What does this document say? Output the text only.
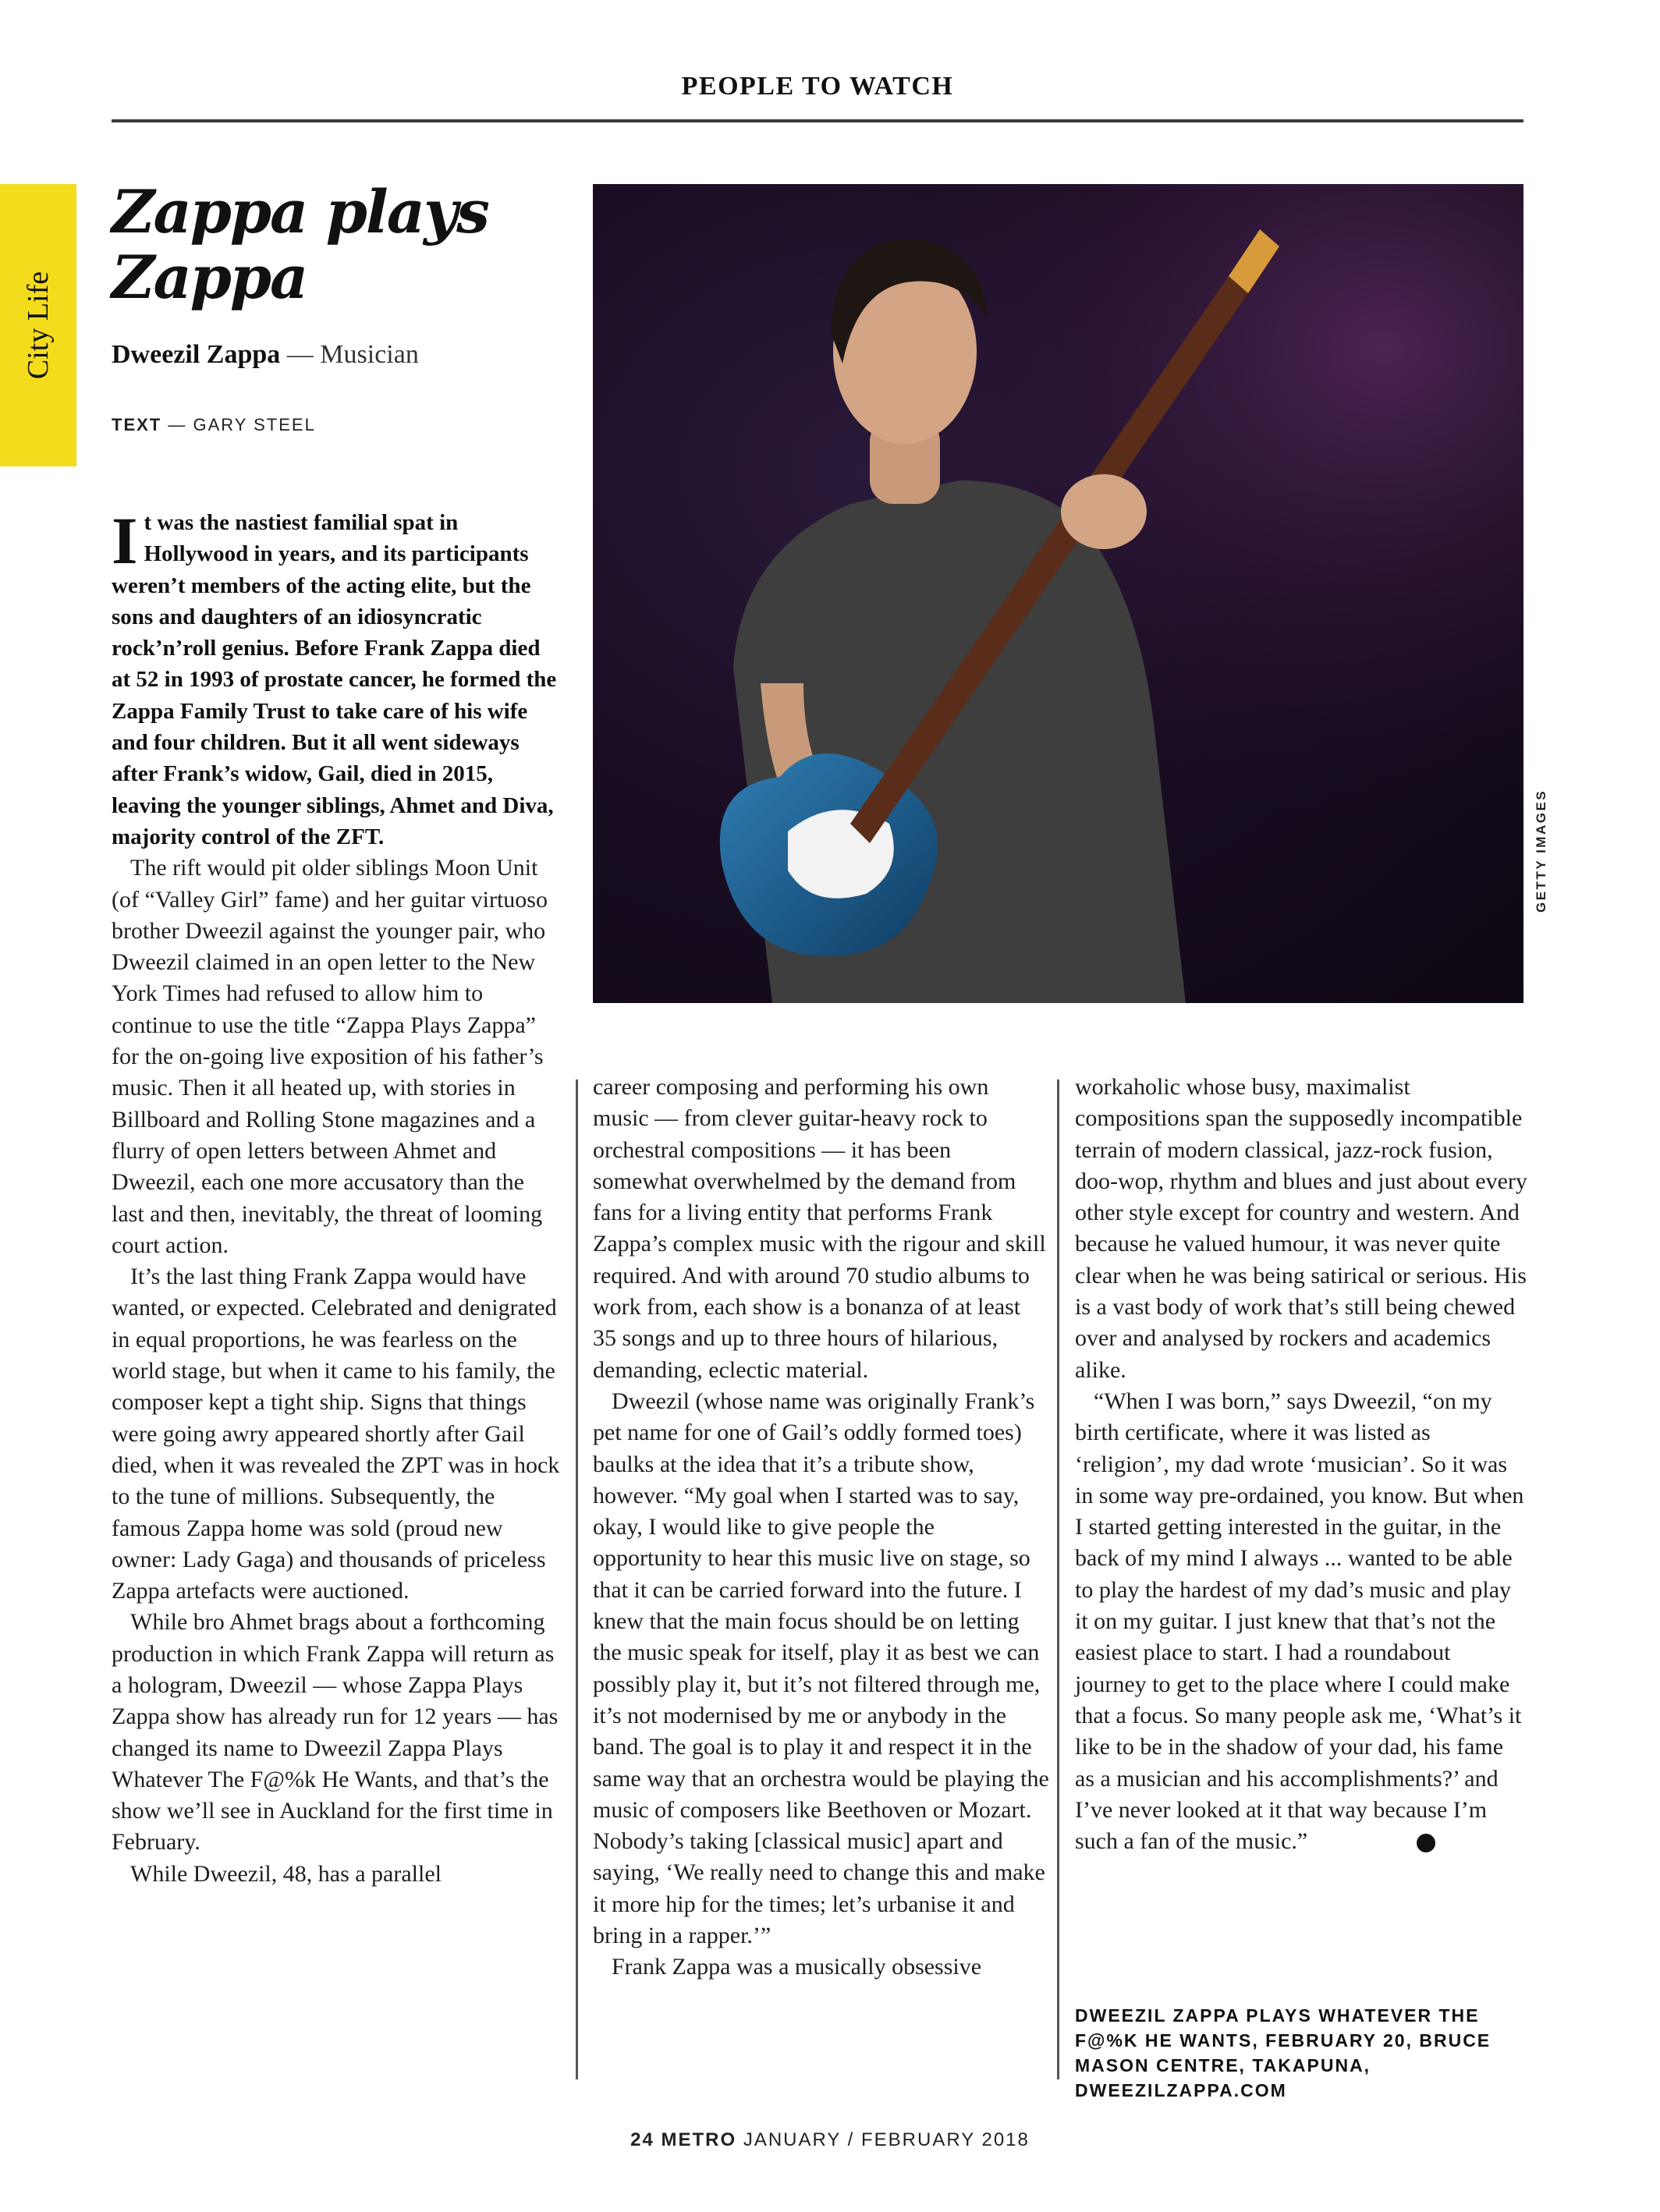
PEOPLE TO WATCH
City Life
Zappa plays Zappa
Dweezil Zappa — Musician
TEXT — GARY STEEL
GETTY IMAGES

It was the nastiest familial spat in Hollywood in years, and its participants weren’t members of the acting elite, but the sons and daughters of an idiosyncratic rock’n’roll genius. Before Frank Zappa died at 52 in 1993 of prostate cancer, he formed the Zappa Family Trust to take care of his wife and four children. But it all went sideways after Frank’s widow, Gail, died in 2015, leaving the younger siblings, Ahmet and Diva, majority control of the ZFT.

The rift would pit older siblings Moon Unit (of “Valley Girl” fame) and her guitar virtuoso brother Dweezil against the younger pair, who Dweezil claimed in an open letter to the New York Times had refused to allow him to continue to use the title “Zappa Plays Zappa” for the on-going live exposition of his father’s music. Then it all heated up, with stories in Billboard and Rolling Stone magazines and a flurry of open letters between Ahmet and Dweezil, each one more accusatory than the last and then, inevitably, the threat of looming court action.

It’s the last thing Frank Zappa would have wanted, or expected. Celebrated and denigrated in equal proportions, he was fearless on the world stage, but when it came to his family, the composer kept a tight ship. Signs that things were going awry appeared shortly after Gail died, when it was revealed the ZPT was in hock to the tune of millions. Subsequently, the famous Zappa home was sold (proud new owner: Lady Gaga) and thousands of priceless Zappa artefacts were auctioned.

While bro Ahmet brags about a forthcoming production in which Frank Zappa will return as a hologram, Dweezil — whose Zappa Plays Zappa show has already run for 12 years — has changed its name to Dweezil Zappa Plays Whatever The F@%k He Wants, and that’s the show we’ll see in Auckland for the first time in February.

While Dweezil, 48, has a parallel

career composing and performing his own music — from clever guitar-heavy rock to orchestral compositions — it has been somewhat overwhelmed by the demand from fans for a living entity that performs Frank Zappa’s complex music with the rigour and skill required. And with around 70 studio albums to work from, each show is a bonanza of at least 35 songs and up to three hours of hilarious, demanding, eclectic material.

Dweezil (whose name was originally Frank’s pet name for one of Gail’s oddly formed toes) baulks at the idea that it’s a tribute show, however. “My goal when I started was to say, okay, I would like to give people the opportunity to hear this music live on stage, so that it can be carried forward into the future. I knew that the main focus should be on letting the music speak for itself, play it as best we can possibly play it, but it’s not filtered through me, it’s not modernised by me or anybody in the band. The goal is to play it and respect it in the same way that an orchestra would be playing the music of composers like Beethoven or Mozart. Nobody’s taking [classical music] apart and saying, ‘We really need to change this and make it more hip for the times; let’s urbanise it and bring in a rapper.’”

Frank Zappa was a musically obsessive

workaholic whose busy, maximalist compositions span the supposedly incompatible terrain of modern classical, jazz-rock fusion, doo-wop, rhythm and blues and just about every other style except for country and western. And because he valued humour, it was never quite clear when he was being satirical or serious. His is a vast body of work that’s still being chewed over and analysed by rockers and academics alike.

“When I was born,” says Dweezil, “on my birth certificate, where it was listed as ‘religion’, my dad wrote ‘musician’. So it was in some way pre-ordained, you know. But when I started getting interested in the guitar, in the back of my mind I always ... wanted to be able to play the hardest of my dad’s music and play it on my guitar. I just knew that that’s not the easiest place to start. I had a roundabout journey to get to the place where I could make that a focus. So many people ask me, ‘What’s it like to be in the shadow of your dad, his fame as a musician and his accomplishments?’ and I’ve never looked at it that way because I’m such a fan of the music.”	M

DWEEZIL ZAPPA PLAYS WHATEVER THE F@%K HE WANTS, FEBRUARY 20, BRUCE MASON CENTRE, TAKAPUNA, DWEEZILZAPPA.COM
24 METRO JANUARY / FEBRUARY 2018
